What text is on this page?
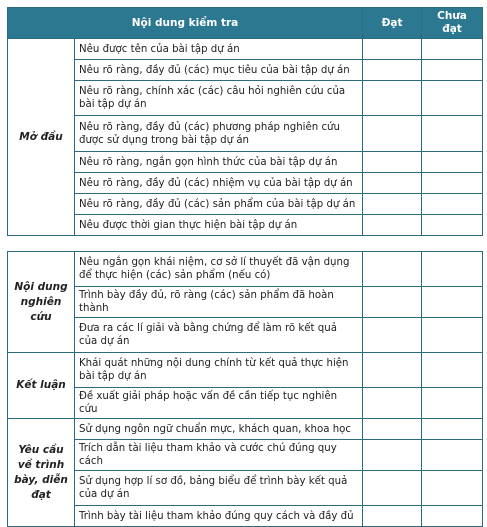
Nội dung kiểm tra		Đạt	Chưa đạt
Mở đầu	Nêu được tên của bài tập dự án		
	Nêu rõ ràng, đầy đủ (các) mục tiêu của bài tập dự án		
	Nêu rõ ràng, chính xác (các) câu hỏi nghiên cứu của bài tập dự án		
	Nêu rõ ràng, đầy đủ (các) phương pháp nghiên cứu được sử dụng trong bài tập dự án		
	Nêu rõ ràng, ngắn gọn hình thức của bài tập dự án		
	Nêu rõ ràng, đầy đủ (các) nhiệm vụ của bài tập dự án		
	Nêu rõ ràng, đầy đủ (các) sản phẩm của bài tập dự án		
	Nêu được thời gian thực hiện bài tập dự án		
Nội dung nghiên cứu	Nêu ngắn gọn khái niệm, cơ sở lí thuyết đã vận dụng để thực hiện (các) sản phẩm (nếu có)		
	Trình bày đầy đủ, rõ ràng (các) sản phẩm đã hoàn thành		
	Đưa ra các lí giải và bằng chứng để làm rõ kết quả của dự án		
Kết luận	Khái quát những nội dung chính từ kết quả thực hiện bài tập dự án		
	Đề xuất giải pháp hoặc vấn đề cần tiếp tục nghiên cứu		
Yêu cầu về trình bày, diễn đạt	Sử dụng ngôn ngữ chuẩn mực, khách quan, khoa học		
	Trích dẫn tài liệu tham khảo và cước chú đúng quy cách		
	Sử dụng hợp lí sơ đồ, bảng biểu để trình bày kết quả của dự án		
	Trình bày tài liệu tham khảo đúng quy cách và đầy đủ		
